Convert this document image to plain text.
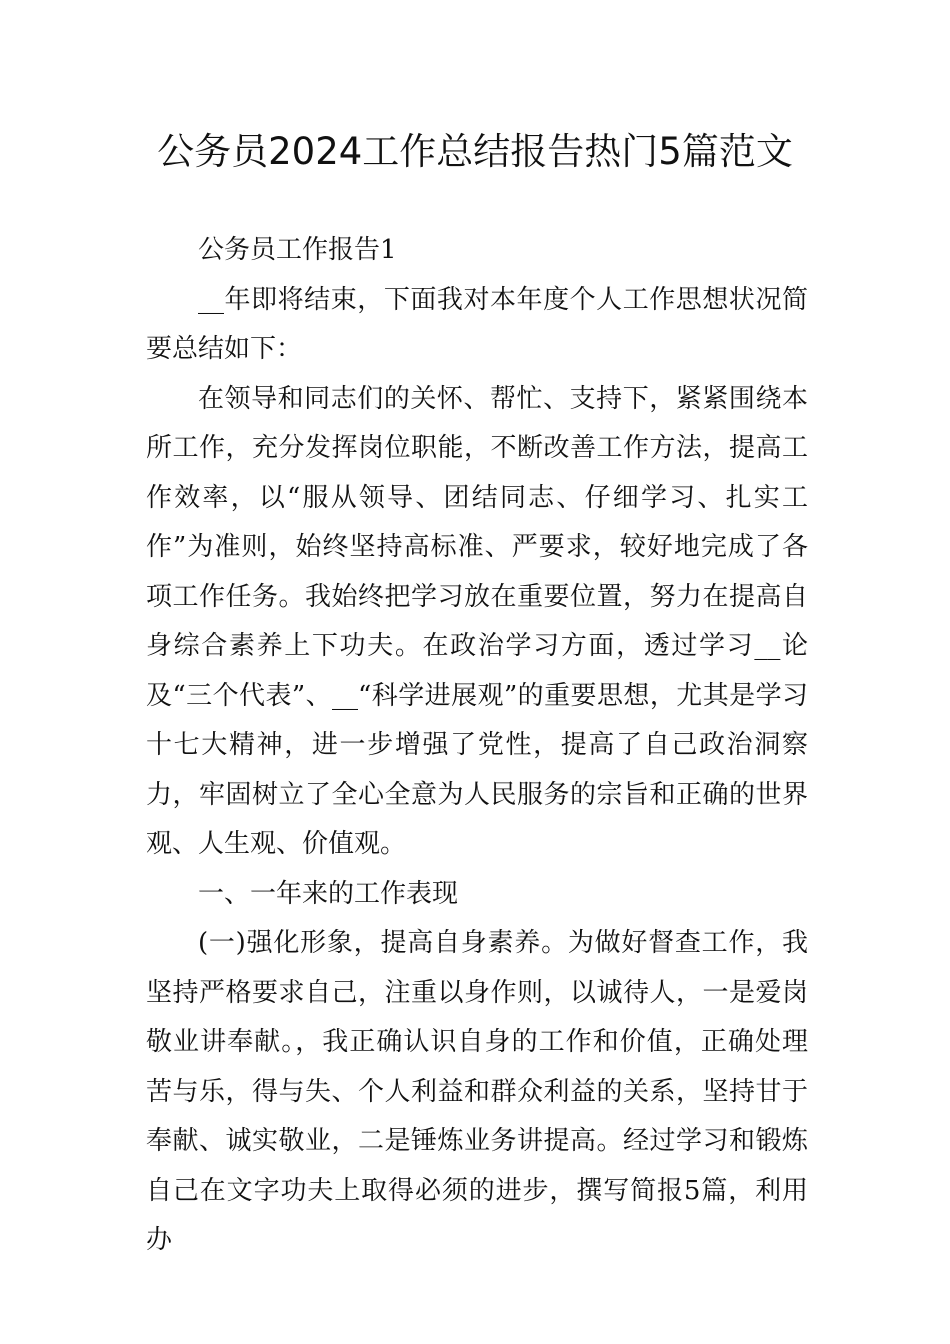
公务员2024工作总结报告热门5篇范文

公务员工作报告1

__年即将结束，下面我对本年度个人工作思想状况简要总结如下：

在领导和同志们的关怀、帮忙、支持下，紧紧围绕本所工作，充分发挥岗位职能，不断改善工作方法，提高工作效率，以“服从领导、团结同志、仔细学习、扎实工作”为准则，始终坚持高标准、严要求，较好地完成了各项工作任务。我始终把学习放在重要位置，努力在提高自身综合素养上下功夫。在政治学习方面，透过学习__论及“三个代表”、__“科学进展观”的重要思想，尤其是学习十七大精神，进一步增强了党性，提高了自己政治洞察力，牢固树立了全心全意为人民服务的宗旨和正确的世界观、人生观、价值观。

一、一年来的工作表现

(一)强化形象，提高自身素养。为做好督查工作，我坚持严格要求自己，注重以身作则，以诚待人，一是爱岗敬业讲奉献。，我正确认识自身的工作和价值，正确处理苦与乐，得与失、个人利益和群众利益的关系，坚持甘于奉献、诚实敬业，二是锤炼业务讲提高。经过学习和锻炼自己在文字功夫上取得必须的进步，撰写简报5篇，利用办
